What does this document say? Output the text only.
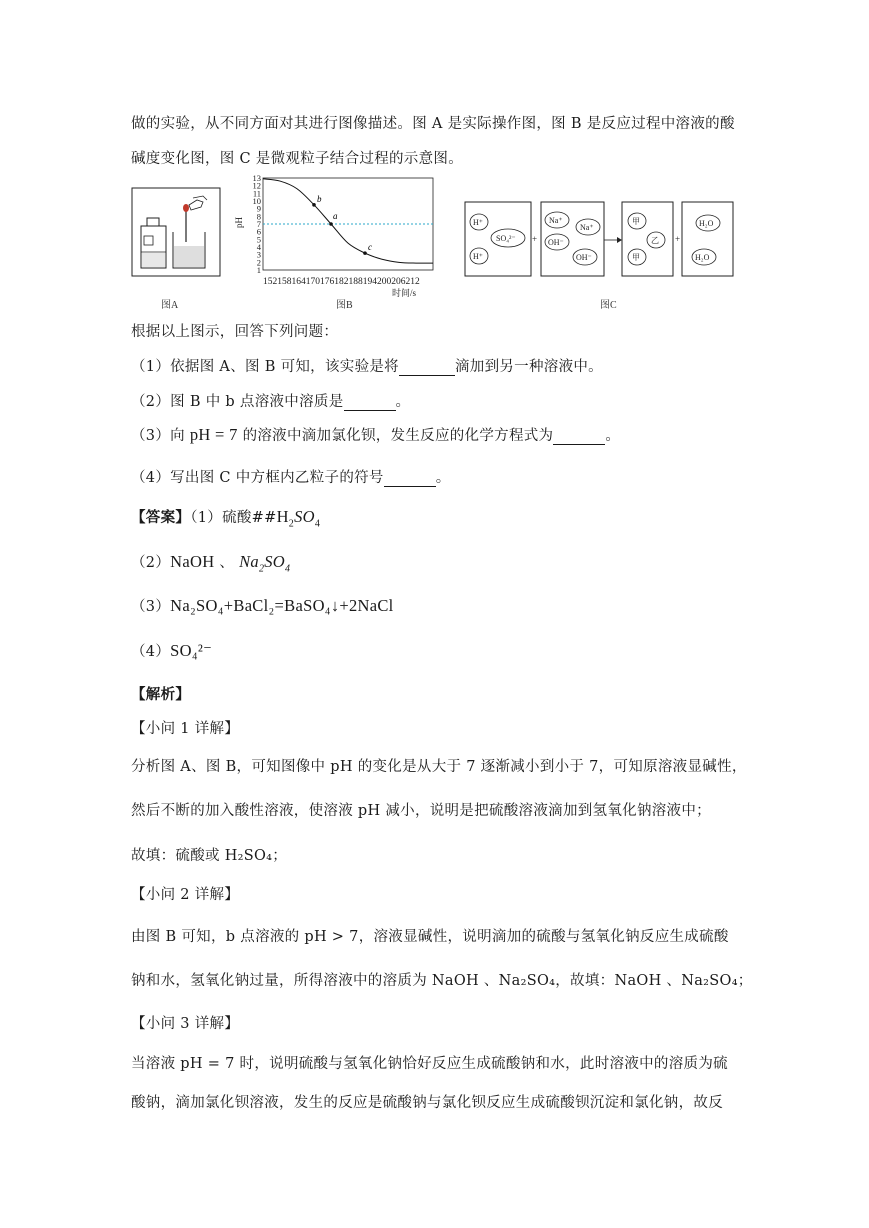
做的实验，从不同方面对其进行图像描述。图 A 是实际操作图，图 B 是反应过程中溶液的酸
碱度变化图，图 C 是微观粒子结合过程的示意图。
图A
13
12
11
10
9
8
7
6
5
4
3
2
1
b
a
c
pH
152158164170176182188194200206212
时间/s
图B
H⁺
SO₄²⁻
H⁺
+
Na⁺
Na⁺
OH⁻
OH⁻
甲
乙
甲
+
H₂O
H₂O
图C
根据以上图示，回答下列问题：
（1）依据图 A、图 B 可知，该实验是将	滴加到另一种溶液中。
（2）图 B 中 b 点溶液中溶质是	。
（3）向 pH = 7 的溶液中滴加氯化钡，发生反应的化学方程式为	。
（4）写出图 C 中方框内乙粒子的符号	。
【答案】（1）硫酸$\#\#H_2SO_4$
（2）NaOH 、 $Na_2SO_4$
（3）Na₂SO₄+BaCl₂=BaSO₄↓+2NaCl
（4）SO₄²⁻
【解析】
【小问 1 详解】
分析图 A、图 B，可知图像中 pH 的变化是从大于 7 逐渐减小到小于 7，可知原溶液显碱性，
然后不断的加入酸性溶液，使溶液 pH 减小，说明是把硫酸溶液滴加到氢氧化钠溶液中；
故填：硫酸或 H₂SO₄；
【小问 2 详解】
由图 B 可知，b 点溶液的 pH > 7，溶液显碱性，说明滴加的硫酸与氢氧化钠反应生成硫酸
钠和水，氢氧化钠过量，所得溶液中的溶质为 NaOH 、Na₂SO₄，故填：NaOH 、Na₂SO₄；
【小问 3 详解】
当溶液 pH = 7 时，说明硫酸与氢氧化钠恰好反应生成硫酸钠和水，此时溶液中的溶质为硫
酸钠，滴加氯化钡溶液，发生的反应是硫酸钠与氯化钡反应生成硫酸钡沉淀和氯化钠，故反
